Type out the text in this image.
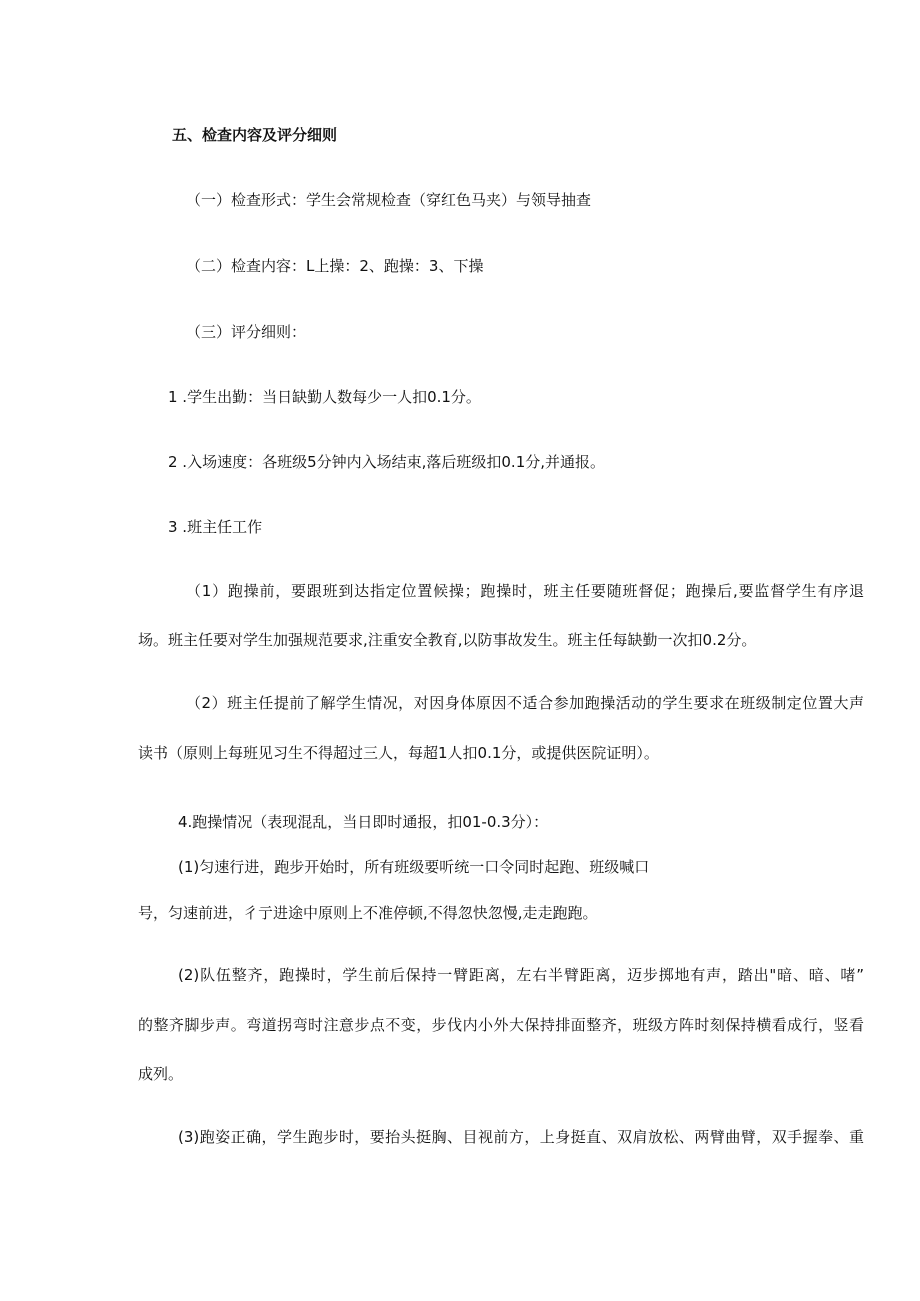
五、检查内容及评分细则

（一）检查形式：学生会常规检查（穿红色马夹）与领导抽查

（二）检查内容：L上操：2、跑操：3、下操

（三）评分细则：

1 .学生出勤：当日缺勤人数每少一人扣0.1分。

2 .入场速度：各班级5分钟内入场结束,落后班级扣0.1分,并通报。

3 .班主任工作

（1）跑操前，要跟班到达指定位置候操；跑操时，班主任要随班督促；跑操后,要监督学生有序退

场。班主任要对学生加强规范要求,注重安全教育,以防事故发生。班主任每缺勤一次扣0.2分。

（2）班主任提前了解学生情况，对因身体原因不适合参加跑操活动的学生要求在班级制定位置大声

读书（原则上每班见习生不得超过三人，每超1人扣0.1分，或提供医院证明）。

4.跑操情况（表现混乱，当日即时通报，扣01-0.3分）：

(1)匀速行进，跑步开始时，所有班级要听统一口令同时起跑、班级喊口

号，匀速前进，彳亍进途中原则上不准停顿,不得忽快忽慢,走走跑跑。

(2)队伍整齐，跑操时，学生前后保持一臂距离，左右半臂距离，迈步掷地有声，踏出"暗、暗、啫”

的整齐脚步声。弯道拐弯时注意步点不变，步伐内小外大保持排面整齐，班级方阵时刻保持横看成行，竖看

成列。

(3)跑姿正确，学生跑步时，要抬头挺胸、目视前方，上身挺直、双肩放松、两臂曲臂，双手握拳、重
